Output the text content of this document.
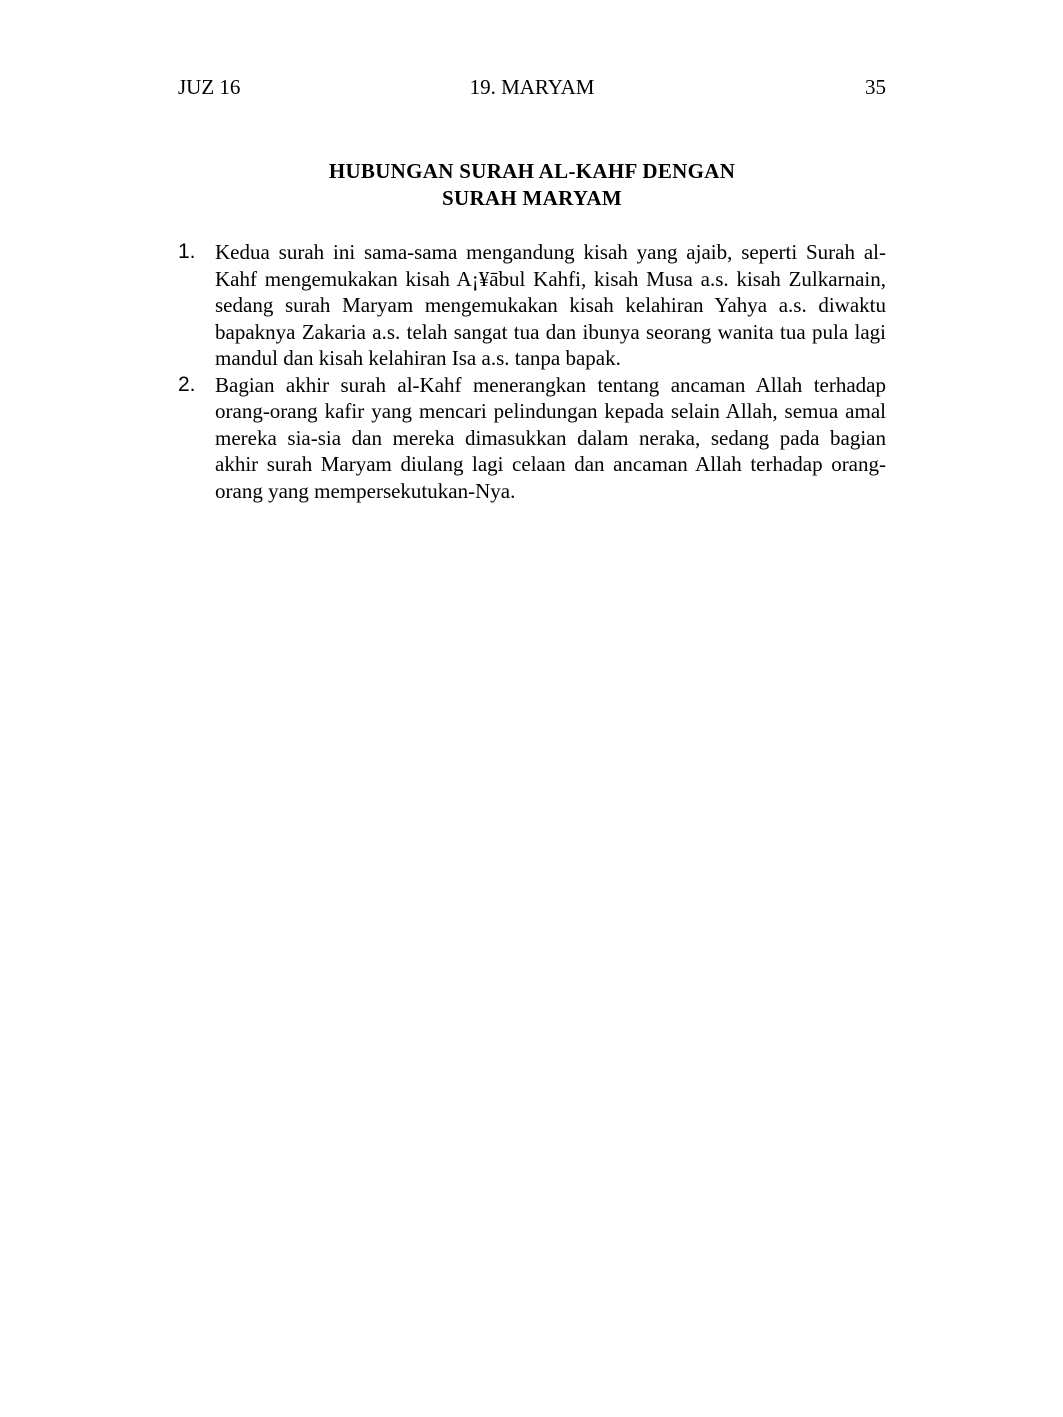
JUZ 16	19. MARYAM	35
HUBUNGAN SURAH AL-KAHF DENGAN
SURAH MARYAM
1. Kedua surah ini sama-sama mengandung kisah yang ajaib, seperti Surah al-Kahf mengemukakan kisah A¡¥ābul Kahfi, kisah Musa a.s. kisah Zulkarnain, sedang surah Maryam mengemukakan kisah kelahiran Yahya a.s. diwaktu bapaknya Zakaria a.s. telah sangat tua dan ibunya seorang wanita tua pula lagi mandul dan kisah kelahiran Isa a.s. tanpa bapak.
2. Bagian akhir surah al-Kahf menerangkan tentang ancaman Allah terhadap orang-orang kafir yang mencari pelindungan kepada selain Allah, semua amal mereka sia-sia dan mereka dimasukkan dalam neraka, sedang pada bagian akhir surah Maryam diulang lagi celaan dan ancaman Allah terhadap orang-orang yang mempersekutukan-Nya.
